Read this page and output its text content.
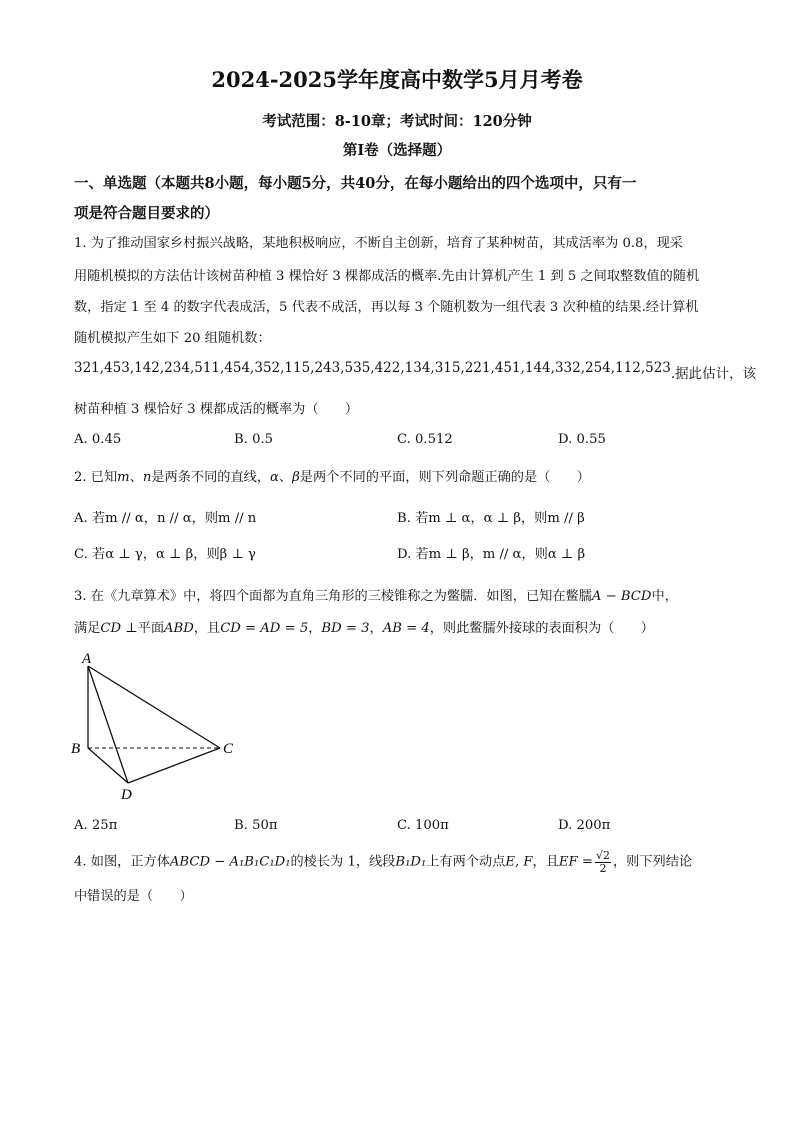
2024-2025学年度高中数学5月月考卷
考试范围：8-10章；考试时间：120分钟
第I卷（选择题）
一、单选题（本题共8小题，每小题5分，共40分，在每小题给出的四个选项中，只有一
项是符合题目要求的）
1. 为了推动国家乡村振兴战略，某地积极响应，不断自主创新，培育了某种树苗，其成活率为 0.8，现采
用随机模拟的方法估计该树苗种植 3 棵恰好 3 棵都成活的概率.先由计算机产生 1 到 5 之间取整数值的随机
数，指定 1 至 4 的数字代表成活，5 代表不成活，再以每 3 个随机数为一组代表 3 次种植的结果.经计算机
随机模拟产生如下 20 组随机数：
321,453,142,234,511,454,352,115,243,535,422,134,315,221,451,144,332,254,112,523.据此估计，该
树苗种植 3 棵恰好 3 棵都成活的概率为（　　）
A. 0.45	B. 0.5	C. 0.512	D. 0.55
2. 已知m、n是两条不同的直线，α、β是两个不同的平面，则下列命题正确的是（　　）
A. 若m // α，n // α，则m // n	B. 若m ⊥ α，α ⊥ β，则m // β
C. 若α ⊥ γ，α ⊥ β，则β ⊥ γ	D. 若m ⊥ β，m // α，则α ⊥ β
3. 在《九章算术》中，将四个面都为直角三角形的三棱锥称之为鳖臑．如图，已知在鳖臑A − BCD中，
满足CD ⊥平面ABD，且CD = AD = 5，BD = 3，AB = 4，则此鳖臑外接球的表面积为（　　）
A
B	C
D
A. 25π	B. 50π	C. 100π	D. 200π
4. 如图，正方体ABCD − A₁B₁C₁D₁的棱长为 1，线段B₁D₁上有两个动点E, F，且EF = $\frac{√2}{2}$ ，则下列结论
中错误的是（　　）
